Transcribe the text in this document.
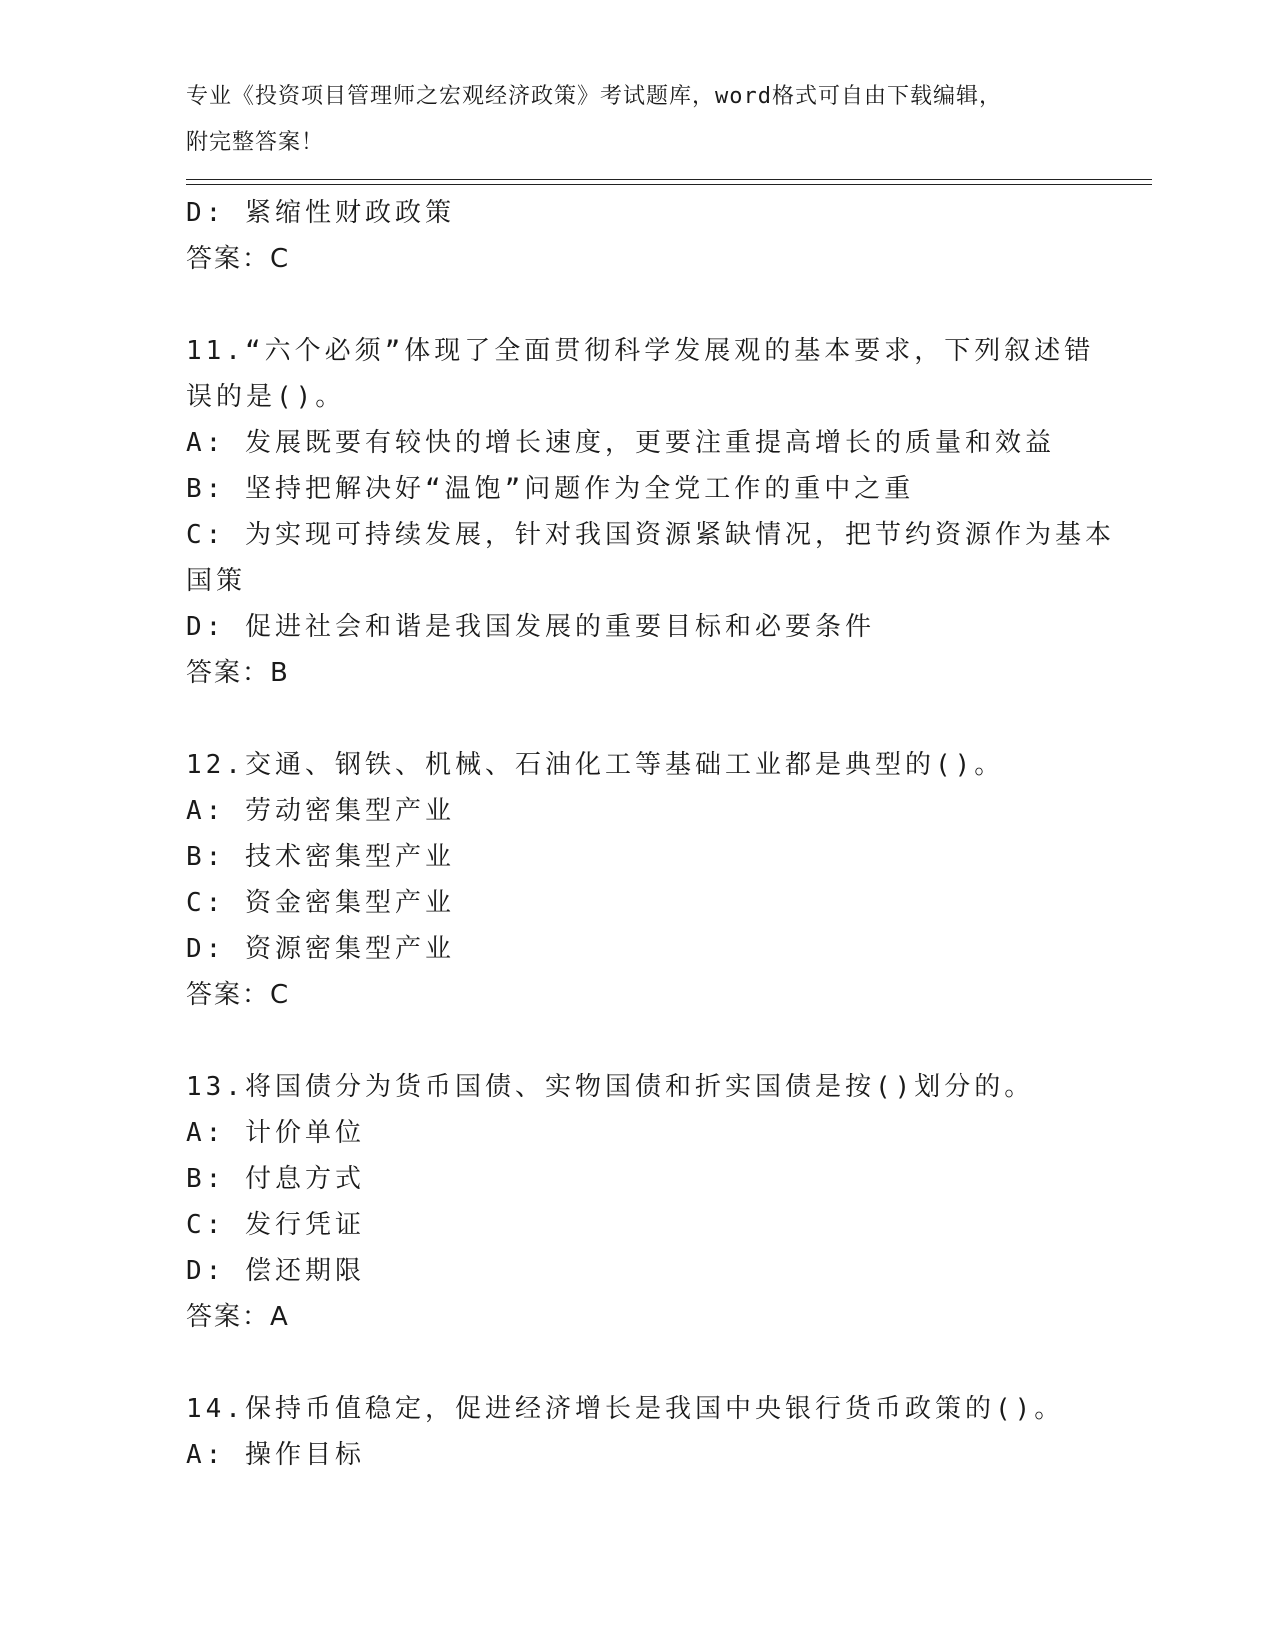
专业《投资项目管理师之宏观经济政策》考试题库，word格式可自由下载编辑，
附完整答案！
D: 紧缩性财政政策
答案：C
11.“六个必须”体现了全面贯彻科学发展观的基本要求，下列叙述错
误的是()。
A: 发展既要有较快的增长速度，更要注重提高增长的质量和效益
B: 坚持把解决好“温饱”问题作为全党工作的重中之重
C: 为实现可持续发展，针对我国资源紧缺情况，把节约资源作为基本
国策
D: 促进社会和谐是我国发展的重要目标和必要条件
答案：B
12.交通、钢铁、机械、石油化工等基础工业都是典型的()。
A: 劳动密集型产业
B: 技术密集型产业
C: 资金密集型产业
D: 资源密集型产业
答案：C
13.将国债分为货币国债、实物国债和折实国债是按()划分的。
A: 计价单位
B: 付息方式
C: 发行凭证
D: 偿还期限
答案：A
14.保持币值稳定，促进经济增长是我国中央银行货币政策的()。
A: 操作目标
